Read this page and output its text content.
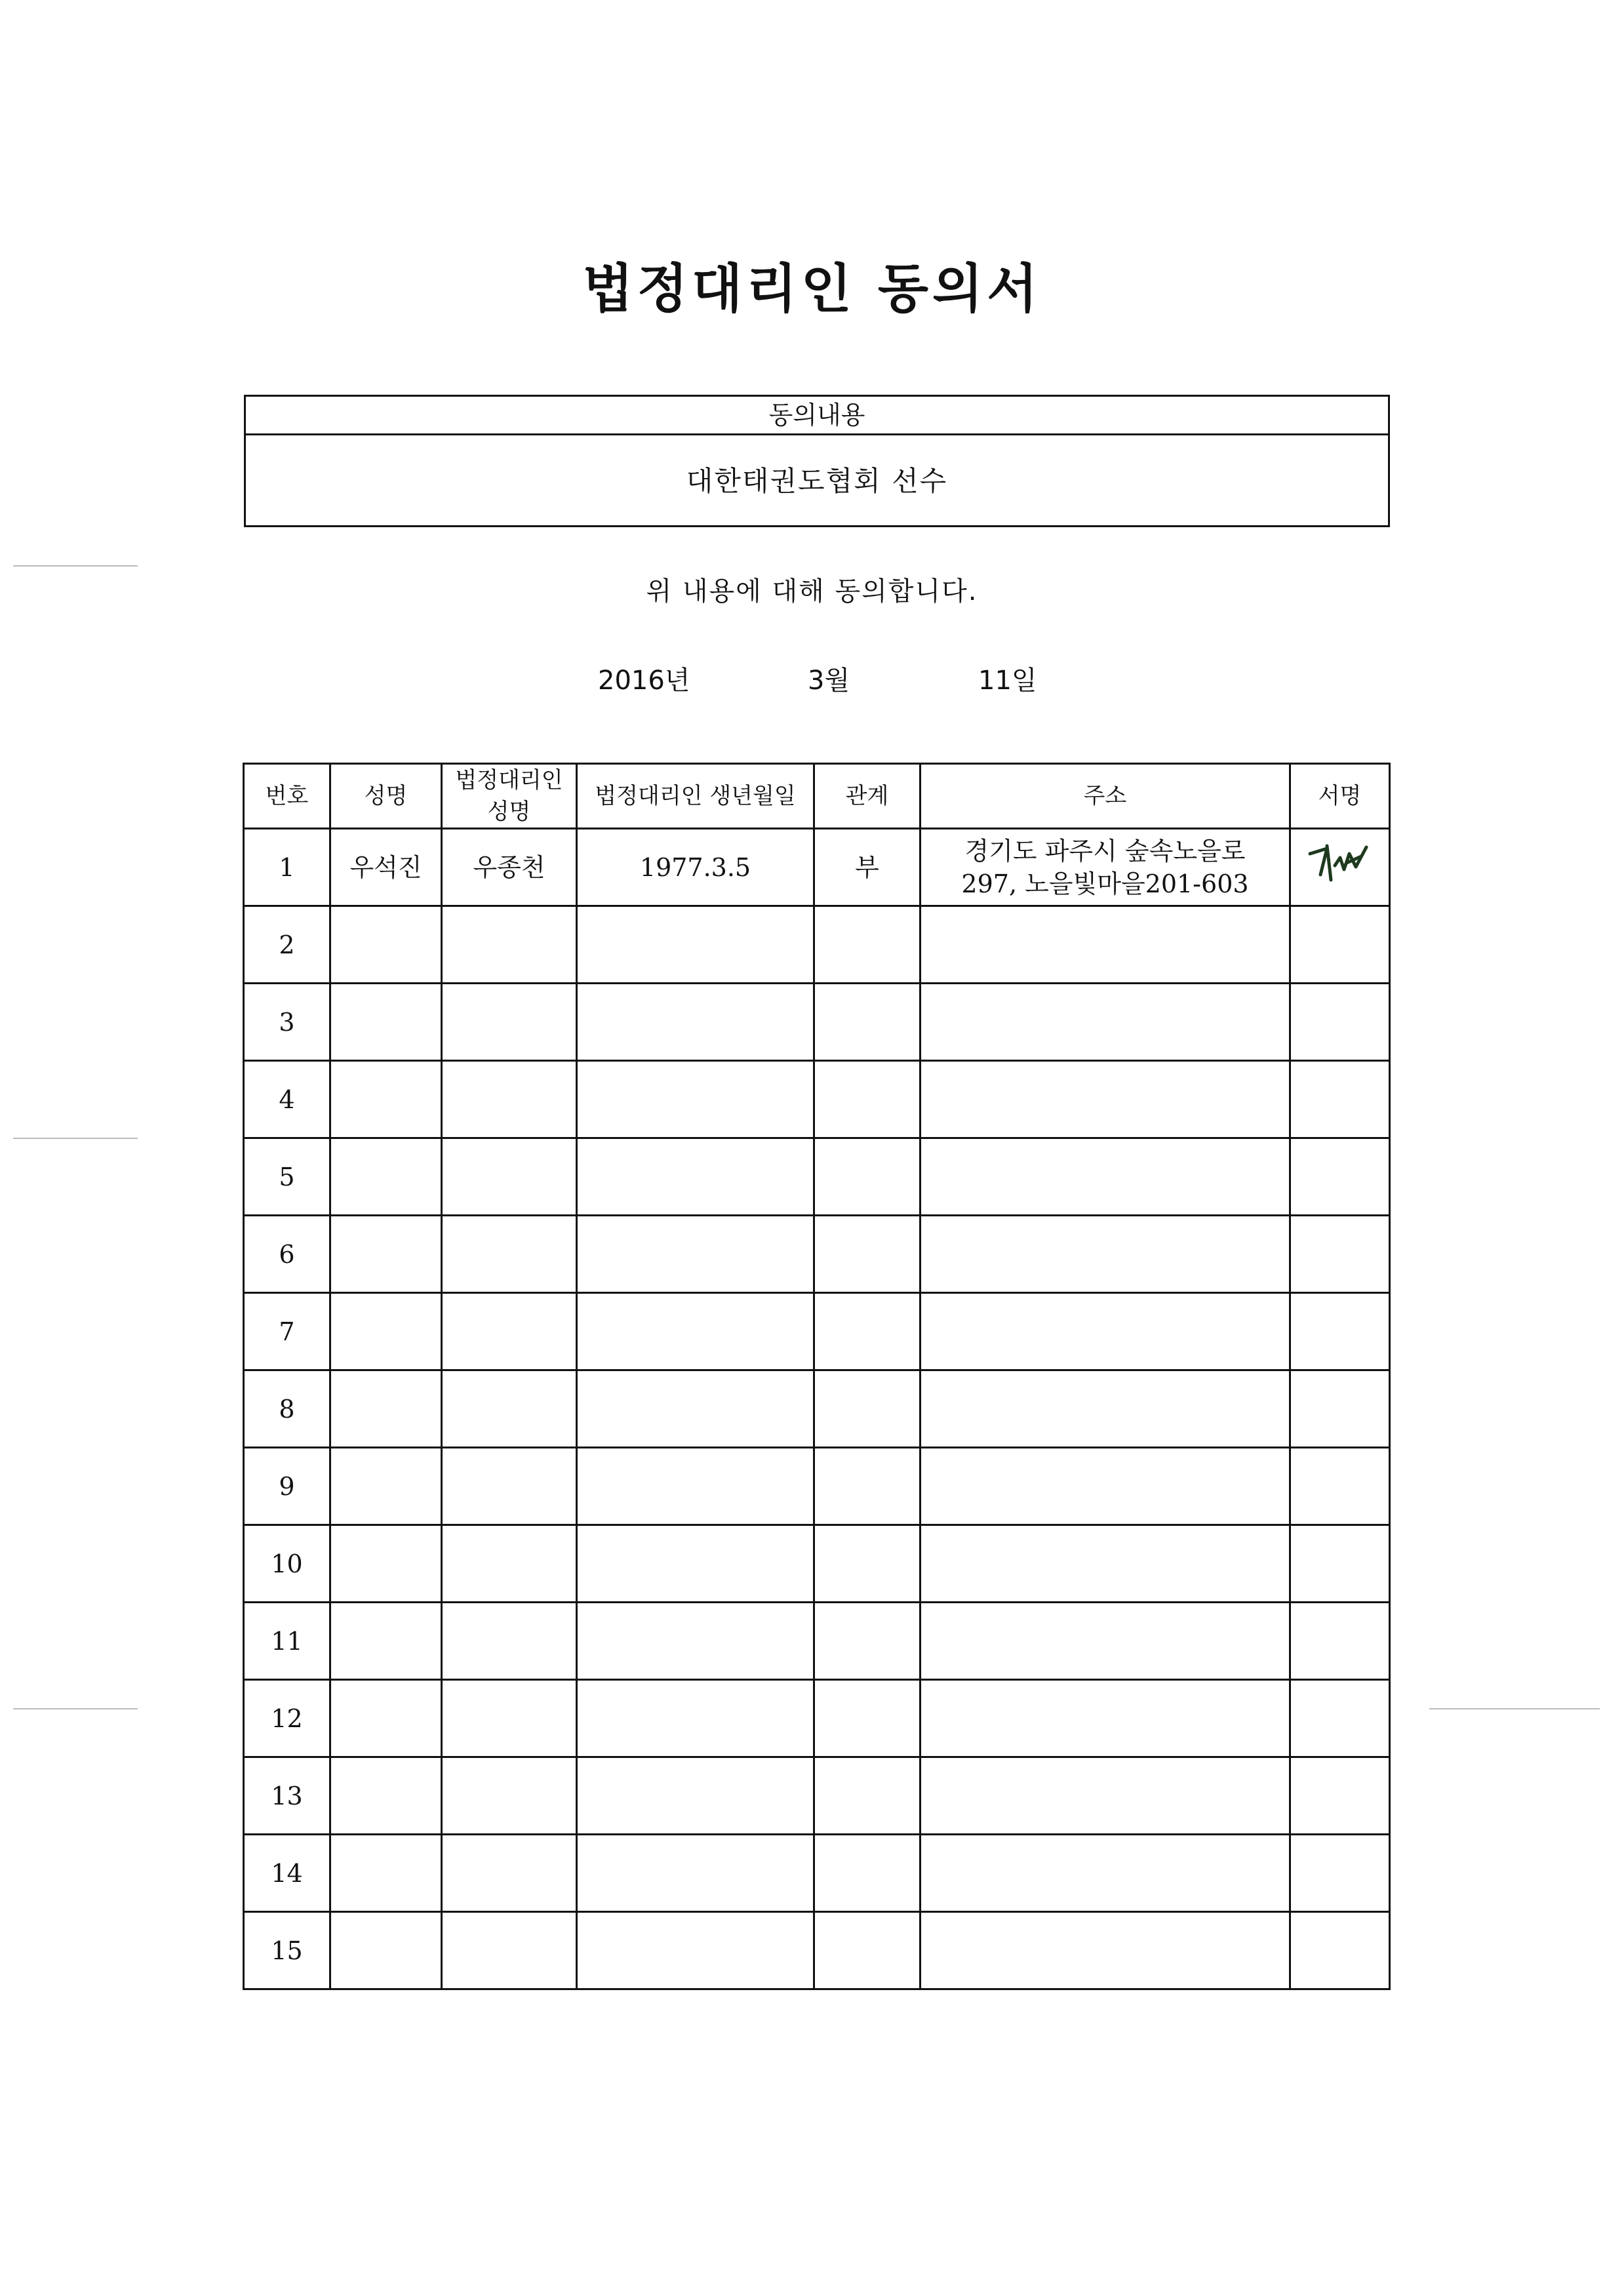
법정대리인 동의서
동의내용
대한태권도협회 선수
위 내용에 대해 동의합니다.
2016년	3월	11일
번호	성명	법정대리인 성명	법정대리인 생년월일	관계	주소	서명
1	우석진	우종천	1977.3.5	부	경기도 파주시 숲속노을로
297, 노을빛마을201-603

2						
3						
4						
5						
6						
7						
8						
9						
10						
11						
12						
13						
14						
15						
